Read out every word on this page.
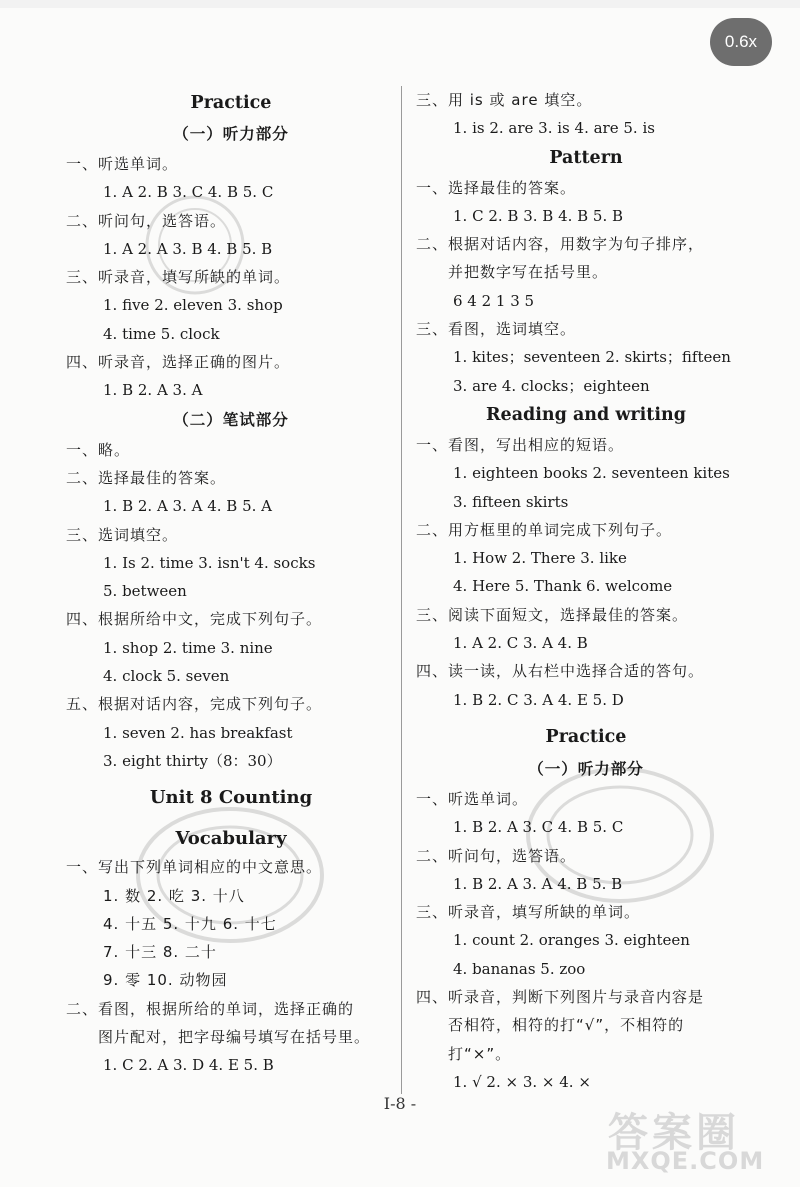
Practice
（一）听力部分
一、听选单词。
1. A 2. B 3. C 4. B 5. C
二、听问句，选答语。
1. A 2. A 3. B 4. B 5. B
三、听录音，填写所缺的单词。
1. five 2. eleven 3. shop
4. time 5. clock
四、听录音，选择正确的图片。
1. B 2. A 3. A
（二）笔试部分
一、略。
二、选择最佳的答案。
1. B 2. A 3. A 4. B 5. A
三、选词填空。
1. Is 2. time 3. isn't 4. socks
5. between
四、根据所给中文，完成下列句子。
1. shop 2. time 3. nine
4. clock 5. seven
五、根据对话内容，完成下列句子。
1. seven 2. has breakfast
3. eight thirty（8：30）
Unit 8 Counting
Vocabulary
一、写出下列单词相应的中文意思。
1. 数 2. 吃 3. 十八
4. 十五 5. 十九 6. 十七
7. 十三 8. 二十
9. 零 10. 动物园
二、看图，根据所给的单词，选择正确的
图片配对，把字母编号填写在括号里。
1. C 2. A 3. D 4. E 5. B
三、用 is 或 are 填空。
1. is 2. are 3. is 4. are 5. is
Pattern
一、选择最佳的答案。
1. C 2. B 3. B 4. B 5. B
二、根据对话内容，用数字为句子排序，
并把数字写在括号里。
6 4 2 1 3 5
三、看图，选词填空。
1. kites；seventeen 2. skirts；fifteen
3. are 4. clocks；eighteen
Reading and writing
一、看图，写出相应的短语。
1. eighteen books 2. seventeen kites
3. fifteen skirts
二、用方框里的单词完成下列句子。
1. How 2. There 3. like
4. Here 5. Thank 6. welcome
三、阅读下面短文，选择最佳的答案。
1. A 2. C 3. A 4. B
四、读一读，从右栏中选择合适的答句。
1. B 2. C 3. A 4. E 5. D
Practice
（一）听力部分
一、听选单词。
1. B 2. A 3. C 4. B 5. C
二、听问句，选答语。
1. B 2. A 3. A 4. B 5. B
三、听录音，填写所缺的单词。
1. count 2. oranges 3. eighteen
4. bananas 5. zoo
四、听录音，判断下列图片与录音内容是
否相符，相符的打“√”，不相符的
打“×”。
1. √ 2. × 3. × 4. ×
I-8 -
0.6x
答案圈
MXQE.COM
